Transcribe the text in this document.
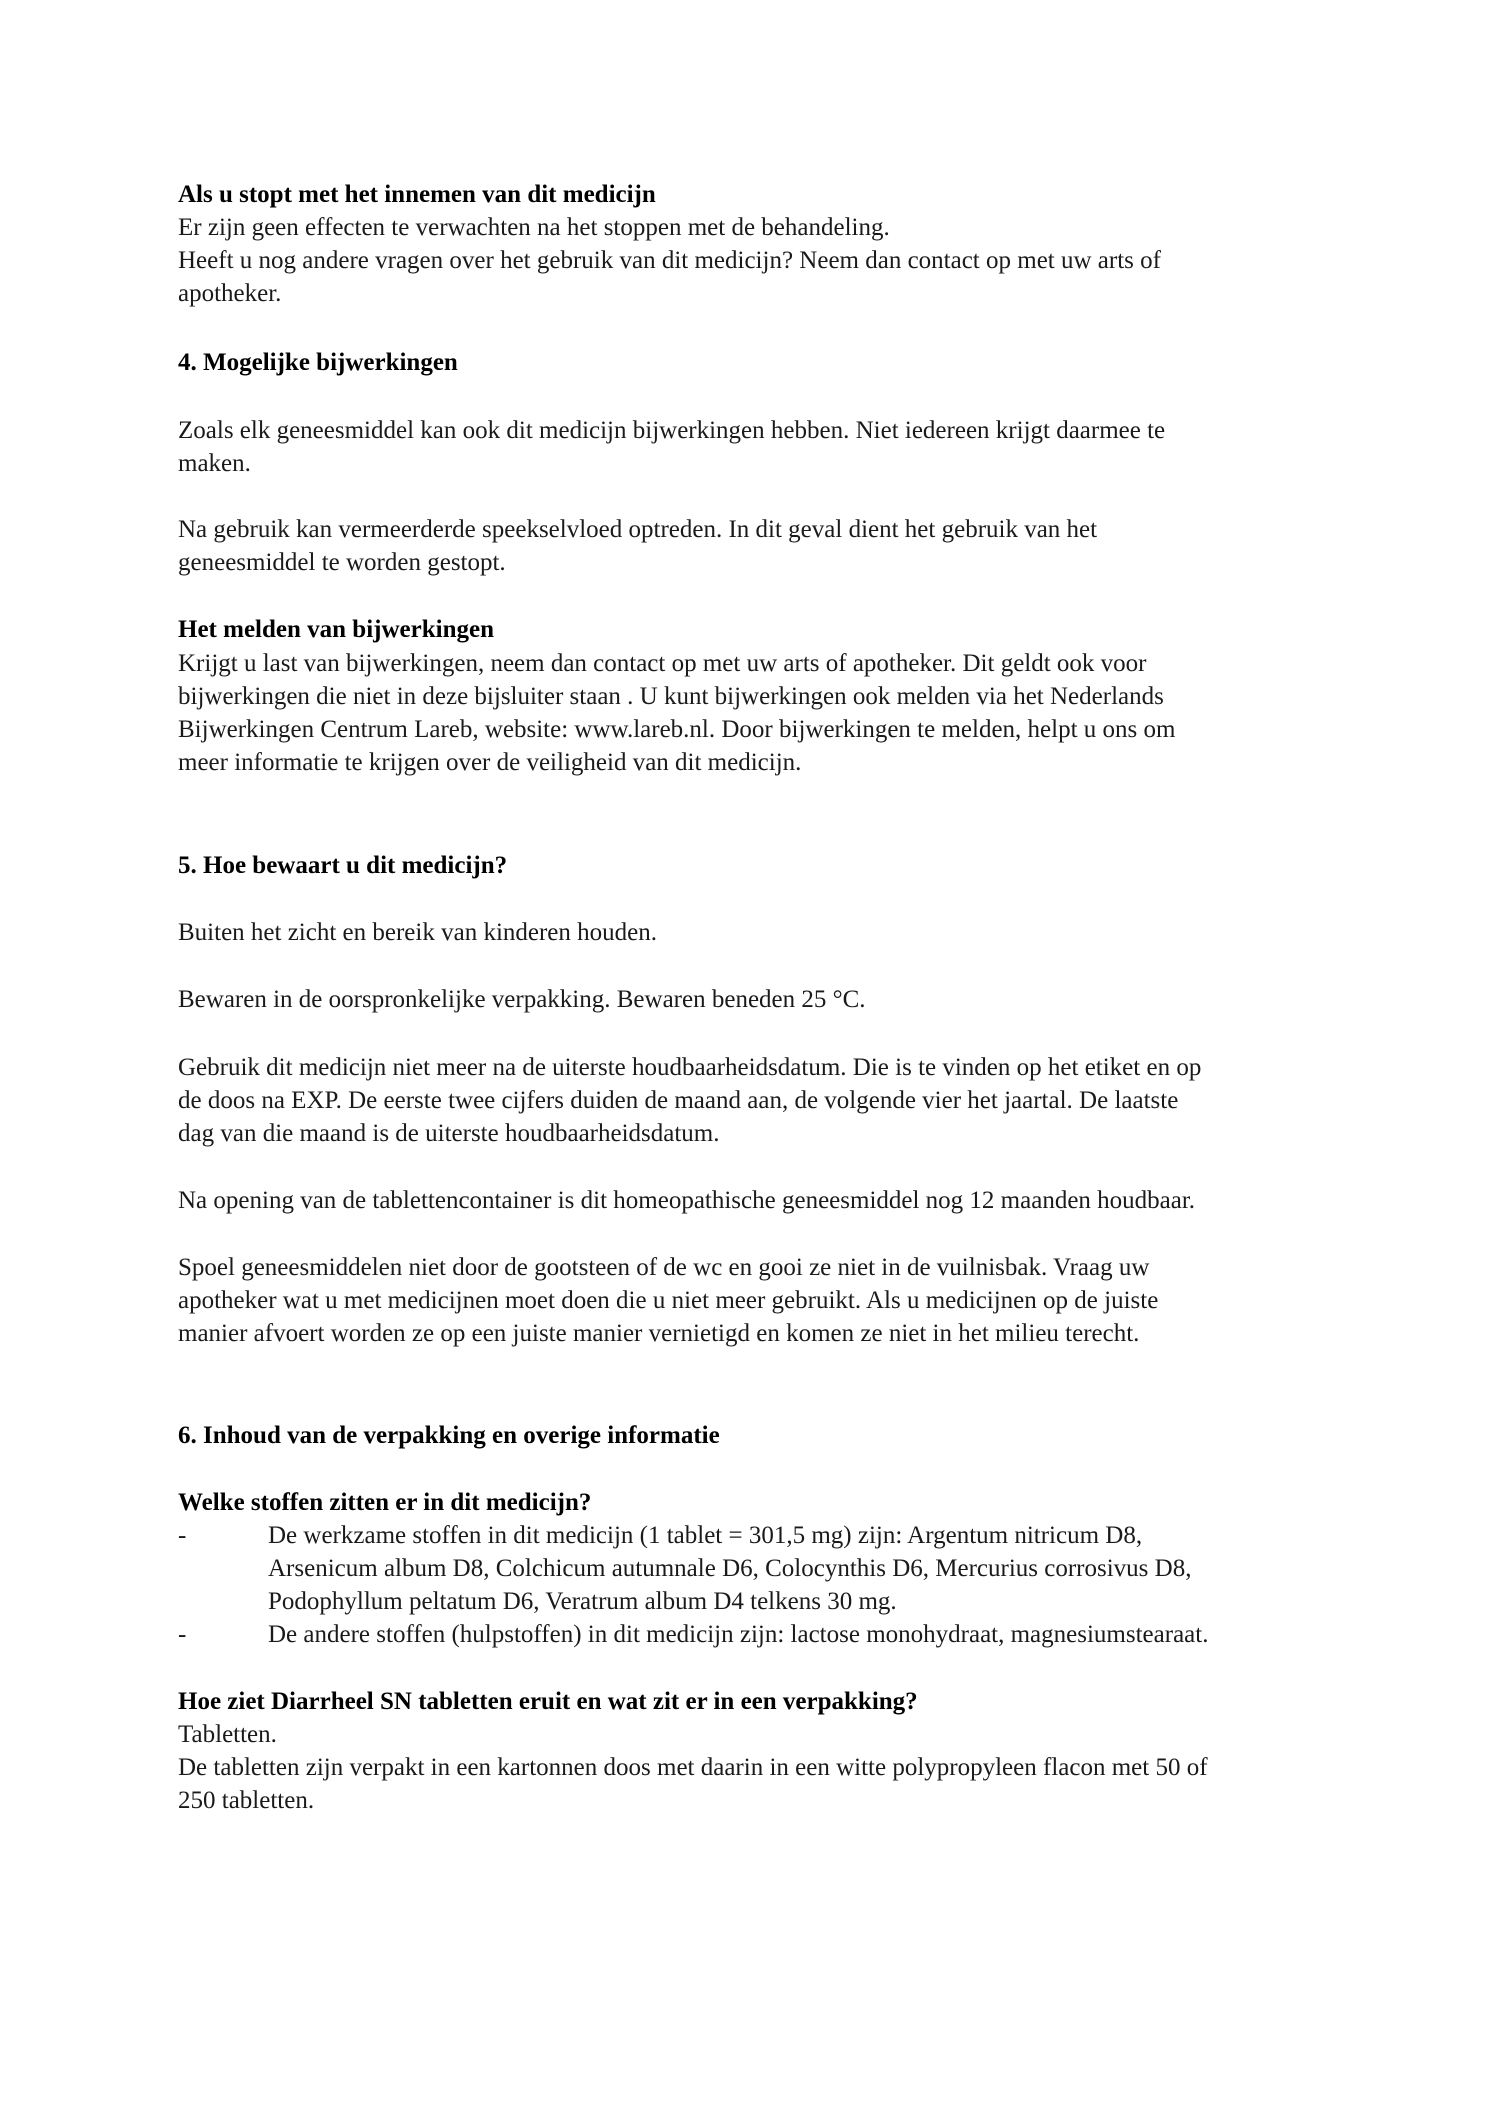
Als u stopt met het innemen van dit medicijn
Er zijn geen effecten te verwachten na het stoppen met de behandeling.
Heeft u nog andere vragen over het gebruik van dit medicijn? Neem dan contact op met uw arts of
apotheker.
4. Mogelijke bijwerkingen
Zoals elk geneesmiddel kan ook dit medicijn bijwerkingen hebben. Niet iedereen krijgt daarmee te
maken.
Na gebruik kan vermeerderde speekselvloed optreden. In dit geval dient het gebruik van het
geneesmiddel te worden gestopt.
Het melden van bijwerkingen
Krijgt u last van bijwerkingen, neem dan contact op met uw arts of apotheker. Dit geldt ook voor
bijwerkingen die niet in deze bijsluiter staan . U kunt bijwerkingen ook melden via het Nederlands
Bijwerkingen Centrum Lareb, website: www.lareb.nl. Door bijwerkingen te melden, helpt u ons om
meer informatie te krijgen over de veiligheid van dit medicijn.
5. Hoe bewaart u dit medicijn?
Buiten het zicht en bereik van kinderen houden.
Bewaren in de oorspronkelijke verpakking. Bewaren beneden 25 °C.
Gebruik dit medicijn niet meer na de uiterste houdbaarheidsdatum. Die is te vinden op het etiket en op
de doos na EXP. De eerste twee cijfers duiden de maand aan, de volgende vier het jaartal. De laatste
dag van die maand is de uiterste houdbaarheidsdatum.
Na opening van de tablettencontainer is dit homeopathische geneesmiddel nog 12 maanden houdbaar.
Spoel geneesmiddelen niet door de gootsteen of de wc en gooi ze niet in de vuilnisbak. Vraag uw
apotheker wat u met medicijnen moet doen die u niet meer gebruikt. Als u medicijnen op de juiste
manier afvoert worden ze op een juiste manier vernietigd en komen ze niet in het milieu terecht.
6. Inhoud van de verpakking en overige informatie
Welke stoffen zitten er in dit medicijn?
-	De werkzame stoffen in dit medicijn (1 tablet = 301,5 mg) zijn: Argentum nitricum D8,
Arsenicum album D8, Colchicum autumnale D6, Colocynthis D6, Mercurius corrosivus D8,
Podophyllum peltatum D6, Veratrum album D4 telkens 30 mg.
-	De andere stoffen (hulpstoffen) in dit medicijn zijn: lactose monohydraat, magnesiumstearaat.
Hoe ziet Diarrheel SN tabletten eruit en wat zit er in een verpakking?
Tabletten.
De tabletten zijn verpakt in een kartonnen doos met daarin in een witte polypropyleen flacon met 50 of
250 tabletten.
